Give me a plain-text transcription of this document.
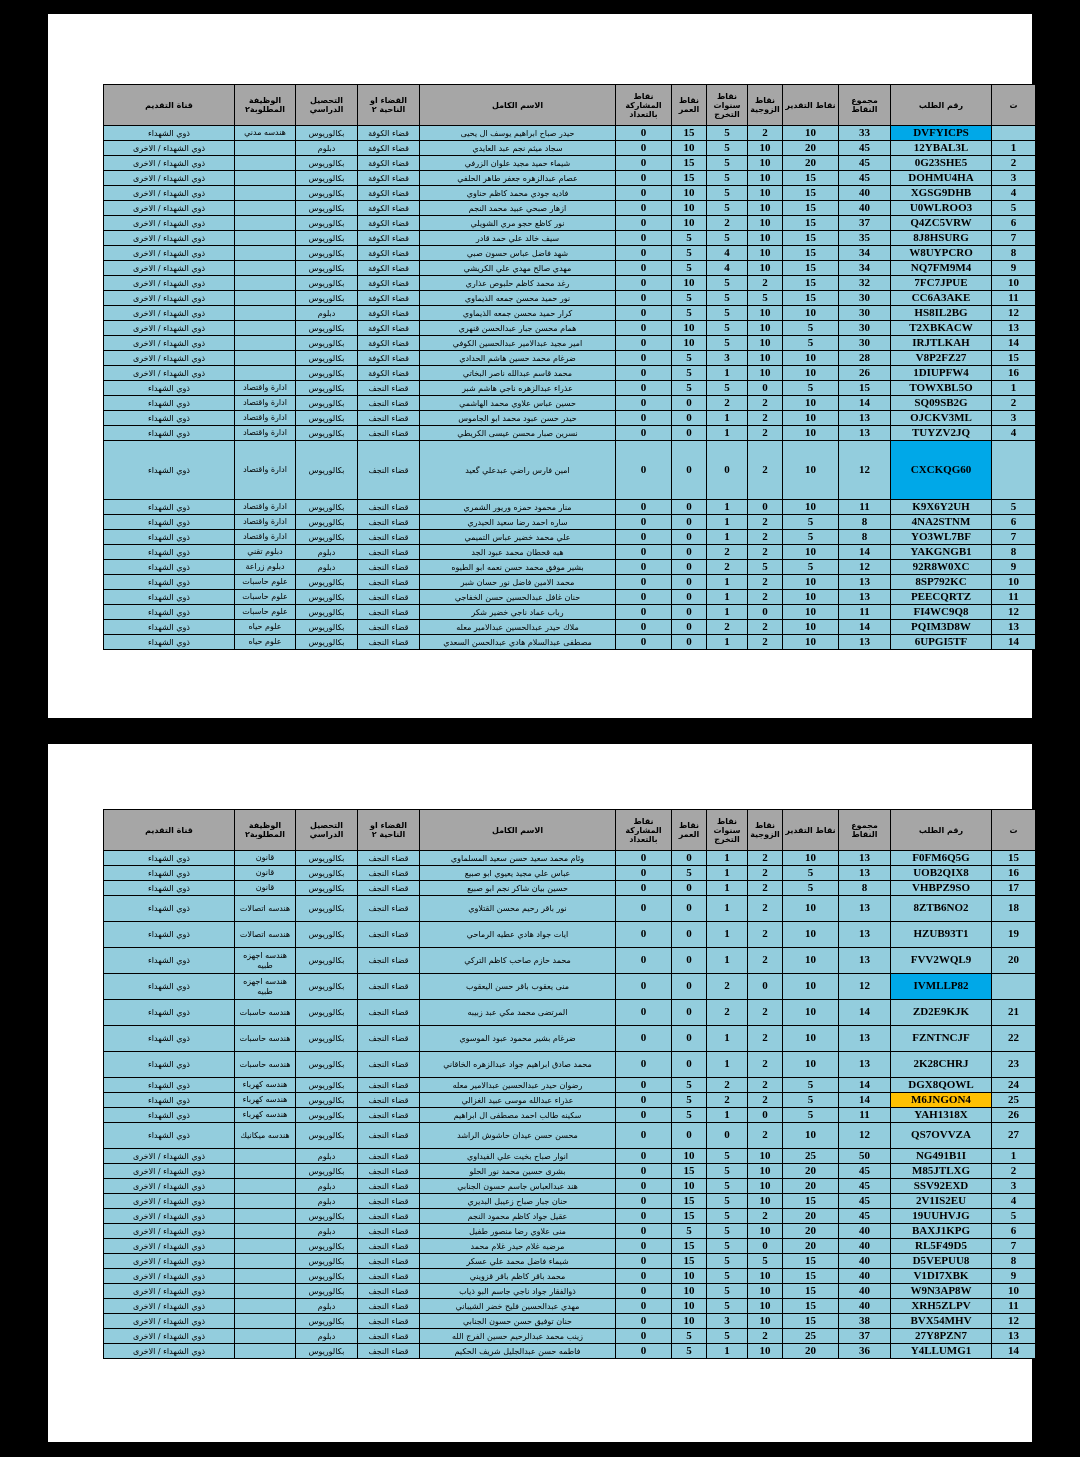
ت	رقم الطلب	مجموع النقاط	نقاط التقدير	نقاط الزوجية	نقاط سنوات التخرج	نقاط العمر	نقاط المشاركة بالتعداد	الاسم الكامل	القضاء او الناحية ٢	التحصيل الدراسي	الوظيفة المطلوبة٢	قناة التقديم
	DVFYICPS	33	10	2	5	15	0	حيدر صباح ابراهيم يوسف ال يحيى	قضاء الكوفة	بكالوريوس	هندسه مدني	ذوي الشهداء
1	12YBAL3L	45	20	10	5	10	0	سجاد ميثم نجم عبد العايدي	قضاء الكوفة	دبلوم		ذوي الشهداء / الاخرى
2	0G23SHE5	45	20	10	5	15	0	شيماء حميد مجيد علوان الزرفي	قضاء الكوفة	بكالوريوس		ذوي الشهداء / الاخرى
3	DOHMU4HA	45	15	10	5	15	0	عصام عبدالزهره جعفر طاهر الحلفي	قضاء الكوفة	بكالوريوس		ذوي الشهداء / الاخرى
4	XGSG9DHB	40	15	10	5	10	0	فاديه جودي محمد كاظم حناوي	قضاء الكوفة	بكالوريوس		ذوي الشهداء / الاخرى
5	U0WLROO3	40	15	10	5	10	0	ازهار صبحي عبيد محمد النجم	قضاء الكوفة	بكالوريوس		ذوي الشهداء / الاخرى
6	Q4ZC5VRW	37	15	10	2	10	0	نور كاظع حجو مري الشويلي	قضاء الكوفة	بكالوريوس		ذوي الشهداء / الاخرى
7	8J8HSURG	35	15	10	5	5	0	سيف خالد علي حمد قادر	قضاء الكوفة	بكالوريوس		ذوي الشهداء / الاخرى
8	W8UYPCRO	34	15	10	4	5	0	شهد فاضل عباس حسون صبي	قضاء الكوفة	بكالوريوس		ذوي الشهداء / الاخرى
9	NQ7FM9M4	34	15	10	4	5	0	مهدي صالح مهدي علي الكريشي	قضاء الكوفة	بكالوريوس		ذوي الشهداء / الاخرى
10	7FC7JPUE	32	15	2	5	10	0	رغد محمد كاظم حلبوص عذاري	قضاء الكوفة	بكالوريوس		ذوي الشهداء / الاخرى
11	CC6A3AKE	30	15	5	5	5	0	نور حميد محسن جمعه الذيماوي	قضاء الكوفة	بكالوريوس		ذوي الشهداء / الاخرى
12	HS8IL2BG	30	10	10	5	5	0	كرار حميد محسن جمعه الذيماوي	قضاء الكوفة	دبلوم		ذوي الشهداء / الاخرى
13	T2XBKACW	30	5	10	5	10	0	همام محسن جبار عبدالحسن قنهري	قضاء الكوفة	بكالوريوس		ذوي الشهداء / الاخرى
14	IRJTLKAH	30	5	10	5	10	0	امير مجيد عبدالامير عبدالحسين الكوفي	قضاء الكوفة	بكالوريوس		ذوي الشهداء / الاخرى
15	V8P2FZ27	28	10	10	3	5	0	ضرغام محمد حسين هاشم الحدادي	قضاء الكوفة	بكالوريوس		ذوي الشهداء / الاخرى
16	1DIUPFW4	26	10	10	1	5	0	محمد قاسم عبدالله ناصر البخاتي	قضاء الكوفة	بكالوريوس		ذوي الشهداء / الاخرى
1	TOWXBL5O	15	5	0	5	5	0	عذراء عبدالزهره ناجي هاشم شبر	قضاء النجف	بكالوريوس	ادارة واقتصاد	ذوي الشهداء
2	SQ09SB2G	14	10	2	2	0	0	حسين عباس علاوي محمد الهاشمي	قضاء النجف	بكالوريوس	ادارة واقتصاد	ذوي الشهداء
3	OJCKV3ML	13	10	2	1	0	0	حيدر حسن عبود محمد ابو الجاموس	قضاء النجف	بكالوريوس	ادارة واقتصاد	ذوي الشهداء
4	TUYZV2JQ	13	10	2	1	0	0	نسرين صبار محسن عيسى الكريطي	قضاء النجف	بكالوريوس	ادارة واقتصاد	ذوي الشهداء
	CXCKQG60	12	10	2	0	0	0	امين فارس راضي عبدعلي گعيد	قضاء النجف	بكالوريوس	ادارة واقتصاد	ذوي الشهداء
5	K9X6Y2UH	11	10	0	1	0	0	منار محمود حمزه وريور الشمري	قضاء النجف	بكالوريوس	ادارة واقتصاد	ذوي الشهداء
6	4NA2STNM	8	5	2	1	0	0	ساره احمد رضا سعيد الحيدري	قضاء النجف	بكالوريوس	ادارة واقتصاد	ذوي الشهداء
7	YO3WL7BF	8	5	2	1	0	0	علي محمد خضير عباس التميمي	قضاء النجف	بكالوريوس	ادارة واقتصاد	ذوي الشهداء
8	YAKGNGB1	14	10	2	2	0	0	هبه قحطان محمد عبود الجد	قضاء النجف	دبلوم	دبلوم تقني	ذوي الشهداء
9	92R8W0XC	12	5	5	2	0	0	بشير موفق محمد حسن نعمه ابو الطيوه	قضاء النجف	دبلوم	دبلوم زراعة	ذوي الشهداء
10	8SP792KC	13	10	2	1	0	0	محمد الامين فاضل نور حسان شبر	قضاء النجف	بكالوريوس	علوم حاسبات	ذوي الشهداء
11	PEECQRTZ	13	10	2	1	0	0	حنان غافل عبدالحسين حسن الخفاجي	قضاء النجف	بكالوريوس	علوم حاسبات	ذوي الشهداء
12	FI4WC9Q8	11	10	0	1	0	0	رباب عماد ناجي خضير شكر	قضاء النجف	بكالوريوس	علوم حاسبات	ذوي الشهداء
13	PQIM3D8W	14	10	2	2	0	0	ملاك حيدر عبدالحسين عبدالامير معله	قضاء النجف	بكالوريوس	علوم حياه	ذوي الشهداء
14	6UPGI5TF	13	10	2	1	0	0	مصطفى عبدالسلام هادي عبدالحسن السعدي	قضاء النجف	بكالوريوس	علوم حياه	ذوي الشهداء
ت	رقم الطلب	مجموع النقاط	نقاط التقدير	نقاط الزوجية	نقاط سنوات التخرج	نقاط العمر	نقاط المشاركة بالتعداد	الاسم الكامل	القضاء او الناحية ٢	التحصيل الدراسي	الوظيفة المطلوبة٢	قناة التقديم
15	F0FM6Q5G	13	10	2	1	0	0	وئام محمد سعيد حسن سعيد المسلماوي	قضاء النجف	بكالوريوس	قانون	ذوي الشهداء
16	UOB2QIX8	13	5	2	1	5	0	عباس علي مجيد يعيوي ابو صبيع	قضاء النجف	بكالوريوس	قانون	ذوي الشهداء
17	VHBPZ9SO	8	5	2	1	0	0	حسين بيان شاكر نجم ابو صبيع	قضاء النجف	بكالوريوس	قانون	ذوي الشهداء
18	8ZTB6NO2	13	10	2	1	0	0	نور باقر رحيم محسن القتلاوي	قضاء النجف	بكالوريوس	هندسه اتصالات	ذوي الشهداء
19	HZUB93T1	13	10	2	1	0	0	ايات جواد هادي عطيه الرماحي	قضاء النجف	بكالوريوس	هندسه اتصالات	ذوي الشهداء
20	FVV2WQL9	13	10	2	1	0	0	محمد حازم صاحب كاظم التركي	قضاء النجف	بكالوريوس	هندسه اجهزه طبيه	ذوي الشهداء
	IVMLLP82	12	10	0	2	0	0	منى يعقوب باقر حسن اليعقوب	قضاء النجف	بكالوريوس	هندسه اجهزه طبيه	ذوي الشهداء
21	ZD2E9KJK	14	10	2	2	0	0	المرتضى محمد مكي عبد زبيبه	قضاء النجف	بكالوريوس	هندسه حاسبات	ذوي الشهداء
22	FZNTNCJF	13	10	2	1	0	0	ضرغام بشير محمود عبود الموسوي	قضاء النجف	بكالوريوس	هندسه حاسبات	ذوي الشهداء
23	2K28CHRJ	13	10	2	1	0	0	محمد صادق ابراهيم جواد عبدالزهره الخاقاني	قضاء النجف	بكالوريوس	هندسه حاسبات	ذوي الشهداء
24	DGX8QOWL	14	5	2	2	5	0	رضوان حيدر عبدالحسين عبدالامير معله	قضاء النجف	بكالوريوس	هندسه كهرباء	ذوي الشهداء
25	M6JNGON4	14	5	2	2	5	0	عذراء عبدالله موسى عبيد الغزالي	قضاء النجف	بكالوريوس	هندسه كهرباء	ذوي الشهداء
26	YAH1318X	11	5	0	1	5	0	سكينه طالب احمد مصطفى ال ابراهيم	قضاء النجف	بكالوريوس	هندسه كهرباء	ذوي الشهداء
27	QS7OVVZA	12	10	2	0	0	0	محسن حسن عيدان حاشوش الراشد	قضاء النجف	بكالوريوس	هندسه ميكانيك	ذوي الشهداء
1	NG491B1I	50	25	10	5	10	0	انوار صباح بخيت علي الفيداوي	قضاء النجف	دبلوم		ذوي الشهداء / الاخرى
2	M85JTLXG	45	20	10	5	15	0	بشرى حسين محمد نور الحلو	قضاء النجف	بكالوريوس		ذوي الشهداء / الاخرى
3	SSV92EXD	45	20	10	5	10	0	هند عبدالعباس جاسم حسون الجنابي	قضاء النجف	دبلوم		ذوي الشهداء / الاخرى
4	2V1IS2EU	45	15	10	5	15	0	حنان جبار صباح زعيبل البديري	قضاء النجف	دبلوم		ذوي الشهداء / الاخرى
5	19UUHVJG	45	20	2	5	15	0	عقيل جواد كاظم محمود النجم	قضاء النجف	بكالوريوس		ذوي الشهداء / الاخرى
6	BAXJ1KPG	40	20	10	5	5	0	منى علاوي رضا منصور طفيل	قضاء النجف	دبلوم		ذوي الشهداء / الاخرى
7	RL5F49D5	40	20	0	5	15	0	مرضيه غلام حيدر غلام محمد	قضاء النجف	بكالوريوس		ذوي الشهداء / الاخرى
8	D5VEPUU8	40	15	5	5	15	0	شيماء فاضل محمد علي عسكر	قضاء النجف	بكالوريوس		ذوي الشهداء / الاخرى
9	V1DI7XBK	40	15	10	5	10	0	محمد باقر كاظم باقر قزويني	قضاء النجف	بكالوريوس		ذوي الشهداء / الاخرى
10	W9N3AP8W	40	15	10	5	10	0	ذوالفقار جواد ناجي جاسم البو ذياب	قضاء النجف	بكالوريوس		ذوي الشهداء / الاخرى
11	XRH5ZLPV	40	15	10	5	10	0	مهدي عبدالحسين فليح خضر الشيباني	قضاء النجف	دبلوم		ذوي الشهداء / الاخرى
12	BVX54MHV	38	15	10	3	10	0	حنان توفيق حسن حسون الجنابي	قضاء النجف	بكالوريوس		ذوي الشهداء / الاخرى
13	27Y8PZN7	37	25	2	5	5	0	زينب محمد عبدالرحيم حسين الفرج الله	قضاء النجف	دبلوم		ذوي الشهداء / الاخرى
14	Y4LLUMG1	36	20	10	1	5	0	فاطمه حسن عبدالجليل شريف الحكيم	قضاء النجف	بكالوريوس		ذوي الشهداء / الاخرى
